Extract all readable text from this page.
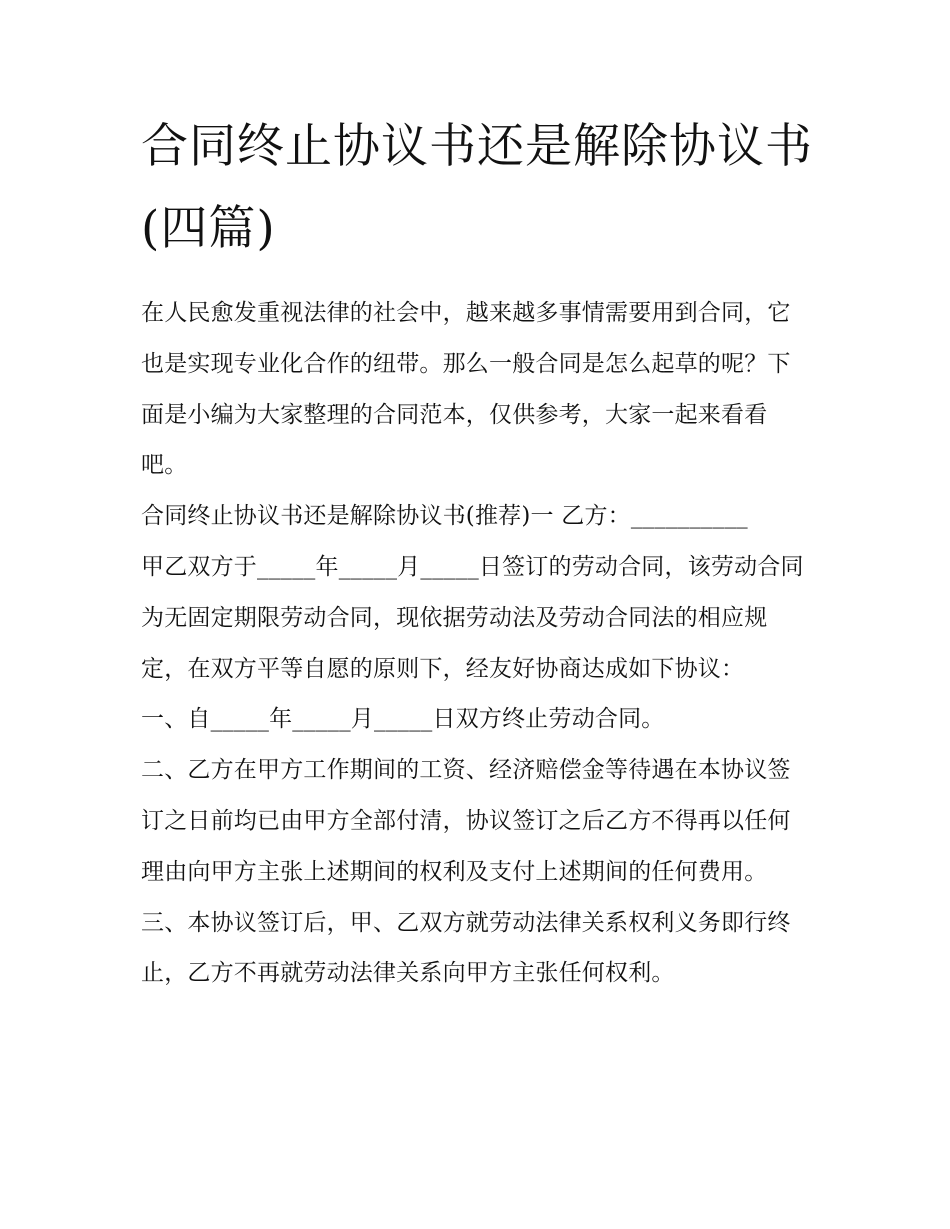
合同终止协议书还是解除协议书(四篇)

在人民愈发重视法律的社会中，越来越多事情需要用到合同，它也是实现专业化合作的纽带。那么一般合同是怎么起草的呢？下面是小编为大家整理的合同范本，仅供参考，大家一起来看看吧。

合同终止协议书还是解除协议书(推荐)一 乙方：__________

甲乙双方于_____年_____月_____日签订的劳动合同，该劳动合同为无固定期限劳动合同，现依据劳动法及劳动合同法的相应规定，在双方平等自愿的原则下，经友好协商达成如下协议：

一、自_____年_____月_____日双方终止劳动合同。

二、乙方在甲方工作期间的工资、经济赔偿金等待遇在本协议签订之日前均已由甲方全部付清，协议签订之后乙方不得再以任何理由向甲方主张上述期间的权利及支付上述期间的任何费用。

三、本协议签订后，甲、乙双方就劳动法律关系权利义务即行终止，乙方不再就劳动法律关系向甲方主张任何权利。
